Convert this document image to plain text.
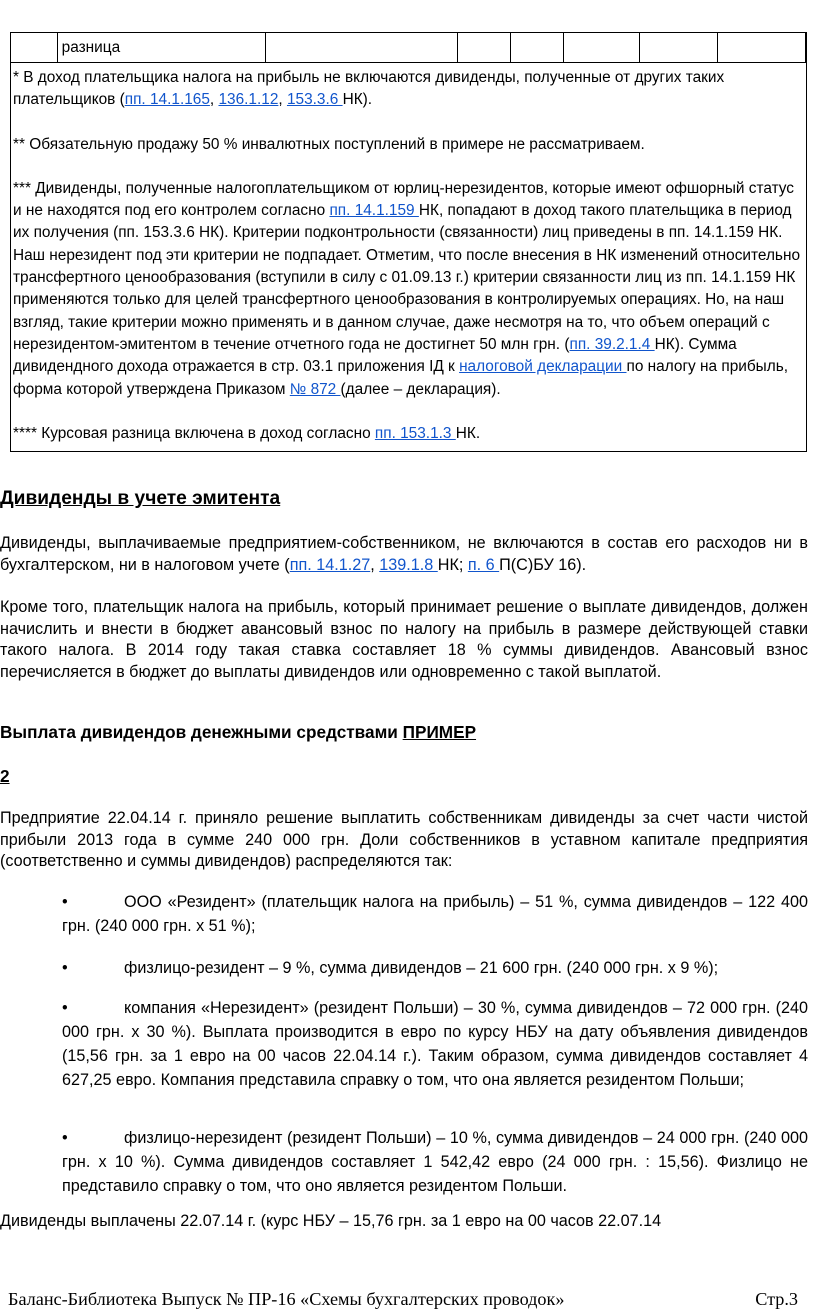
	разница							

* В доход плательщика налога на прибыль не включаются дивиденды, полученные от других таких плательщиков (пп. 14.1.165, 136.1.12, 153.3.6 НК).

** Обязательную продажу 50 % инвалютных поступлений в примере не рассматриваем.

*** Дивиденды, полученные налогоплательщиком от юрлиц-нерезидентов, которые имеют офшорный статус и не находятся под его контролем согласно пп. 14.1.159 НК, попадают в доход такого плательщика в период их получения (пп. 153.3.6 НК). Критерии подконтрольности (связанности) лиц приведены в пп. 14.1.159 НК. Наш нерезидент под эти критерии не подпадает. Отметим, что после внесения в НК изменений относительно трансфертного ценообразования (вступили в силу с 01.09.13 г.) критерии связанности лиц из пп. 14.1.159 НК применяются только для целей трансфертного ценообразования в контролируемых операциях. Но, на наш взгляд, такие критерии можно применять и в данном случае, даже несмотря на то, что объем операций с нерезидентом-эмитентом в течение отчетного года не достигнет 50 млн грн. (пп. 39.2.1.4 НК). Сумма дивидендного дохода отражается в стр. 03.1 приложения ІД к налоговой декларации по налогу на прибыль, форма которой утверждена Приказом № 872 (далее – декларация).

**** Курсовая разница включена в доход согласно пп. 153.1.3 НК.

Дивиденды в учете эмитента

Дивиденды, выплачиваемые предприятием-собственником, не включаются в состав его расходов ни в бухгалтерском, ни в налоговом учете (пп. 14.1.27, 139.1.8 НК; п. 6 П(С)БУ 16).

Кроме того, плательщик налога на прибыль, который принимает решение о выплате дивидендов, должен начислить и внести в бюджет авансовый взнос по налогу на прибыль в размере действующей ставки такого налога. В 2014 году такая ставка составляет 18 % суммы дивидендов. Авансовый взнос перечисляется в бюджет до выплаты дивидендов или одновременно с такой выплатой.

Выплата дивидендов денежными средствами ПРИМЕР

2

Предприятие 22.04.14 г. приняло решение выплатить собственникам дивиденды за счет части чистой прибыли 2013 года в сумме 240 000 грн. Доли собственников в уставном капитале предприятия (соответственно и суммы дивидендов) распределяются так:

•	ООО «Резидент» (плательщик налога на прибыль) – 51 %, сумма дивидендов – 122 400 грн. (240 000 грн. х 51 %);
•	физлицо-резидент – 9 %, сумма дивидендов – 21 600 грн. (240 000 грн. х 9 %);
•	компания «Нерезидент» (резидент Польши) – 30 %, сумма дивидендов – 72 000 грн. (240 000 грн. х 30 %). Выплата производится в евро по курсу НБУ на дату объявления дивидендов (15,56 грн. за 1 евро на 00 часов 22.04.14 г.). Таким образом, сумма дивидендов составляет 4 627,25 евро. Компания представила справку о том, что она является резидентом Польши;
•	физлицо-нерезидент (резидент Польши) – 10 %, сумма дивидендов – 24 000 грн. (240 000 грн. х 10 %). Сумма дивидендов составляет 1 542,42 евро (24 000 грн. : 15,56). Физлицо не представило справку о том, что оно является резидентом Польши.

Дивиденды выплачены 22.07.14 г. (курс НБУ – 15,76 грн. за 1 евро на 00 часов 22.07.14

Баланс-Библиотека Выпуск № ПР-16 «Схемы бухгалтерских проводок»	Стр.3
